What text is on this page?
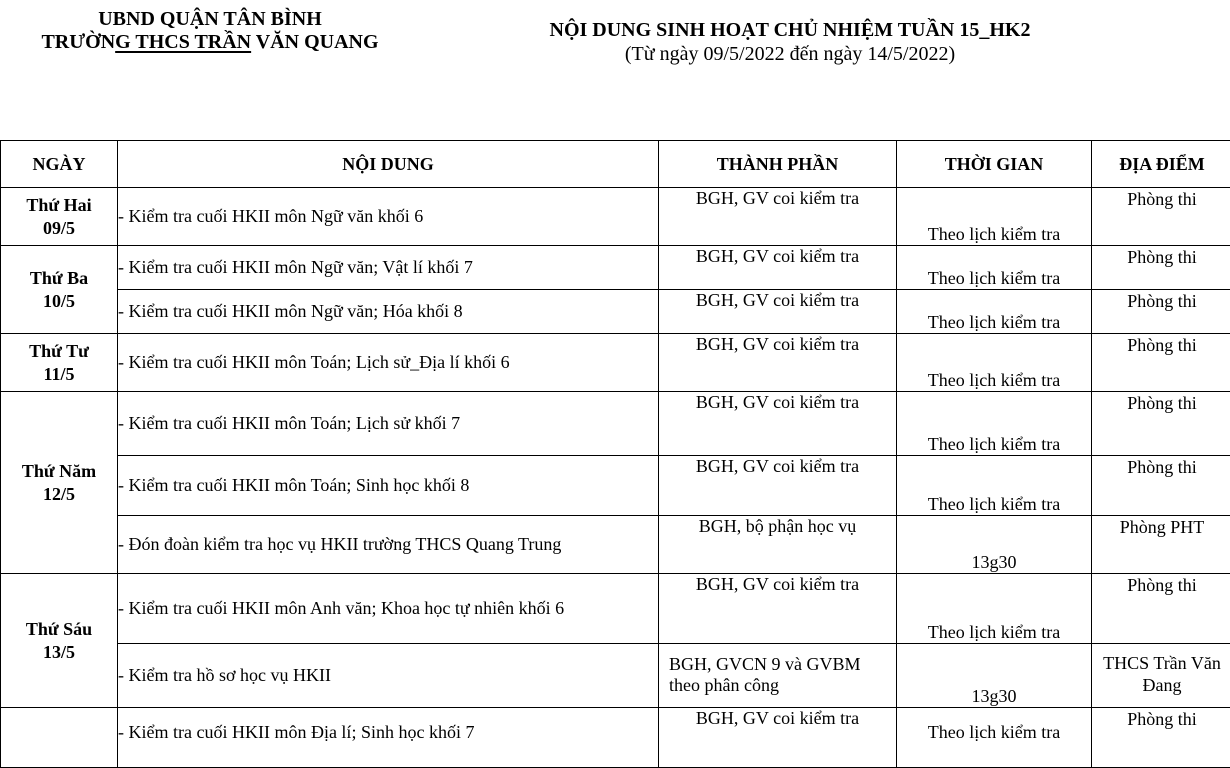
UBND QUẬN TÂN BÌNH
TRƯỜNG THCS TRẦN VĂN QUANG
NỘI DUNG SINH HOẠT CHỦ NHIỆM TUẦN 15_HK2
(Từ ngày 09/5/2022 đến ngày 14/5/2022)
NGÀY	NỘI DUNG	THÀNH PHẦN	THỜI GIAN	ĐỊA ĐIỂM

Thứ Hai
09/5	- Kiểm tra cuối HKII môn Ngữ văn khối 6	BGH, GV coi kiểm tra	Theo lịch kiểm tra	Phòng thi

Thứ Ba
10/5	- Kiểm tra cuối HKII môn Ngữ văn; Vật lí khối 7	BGH, GV coi kiểm tra	Theo lịch kiểm tra	Phòng thi
	- Kiểm tra cuối HKII môn Ngữ văn; Hóa khối 8	BGH, GV coi kiểm tra	Theo lịch kiểm tra	Phòng thi

Thứ Tư
11/5	- Kiểm tra cuối HKII môn Toán; Lịch sử_Địa lí khối 6	BGH, GV coi kiểm tra	Theo lịch kiểm tra	Phòng thi

Thứ Năm
12/5	- Kiểm tra cuối HKII môn Toán; Lịch sử khối 7	BGH, GV coi kiểm tra	Theo lịch kiểm tra	Phòng thi
	- Kiểm tra cuối HKII môn Toán; Sinh học khối 8	BGH, GV coi kiểm tra	Theo lịch kiểm tra	Phòng thi
	- Đón đoàn kiểm tra học vụ HKII trường THCS Quang Trung	BGH, bộ phận học vụ	13g30	Phòng PHT

Thứ Sáu
13/5	- Kiểm tra cuối HKII môn Anh văn; Khoa học tự nhiên khối 6	BGH, GV coi kiểm tra	Theo lịch kiểm tra	Phòng thi
	- Kiểm tra hồ sơ học vụ HKII	BGH, GVCN 9 và GVBM
theo phân công	13g30	THCS Trần Văn
Đang

	- Kiểm tra cuối HKII môn Địa lí; Sinh học khối 7	BGH, GV coi kiểm tra	Theo lịch kiểm tra	Phòng thi
